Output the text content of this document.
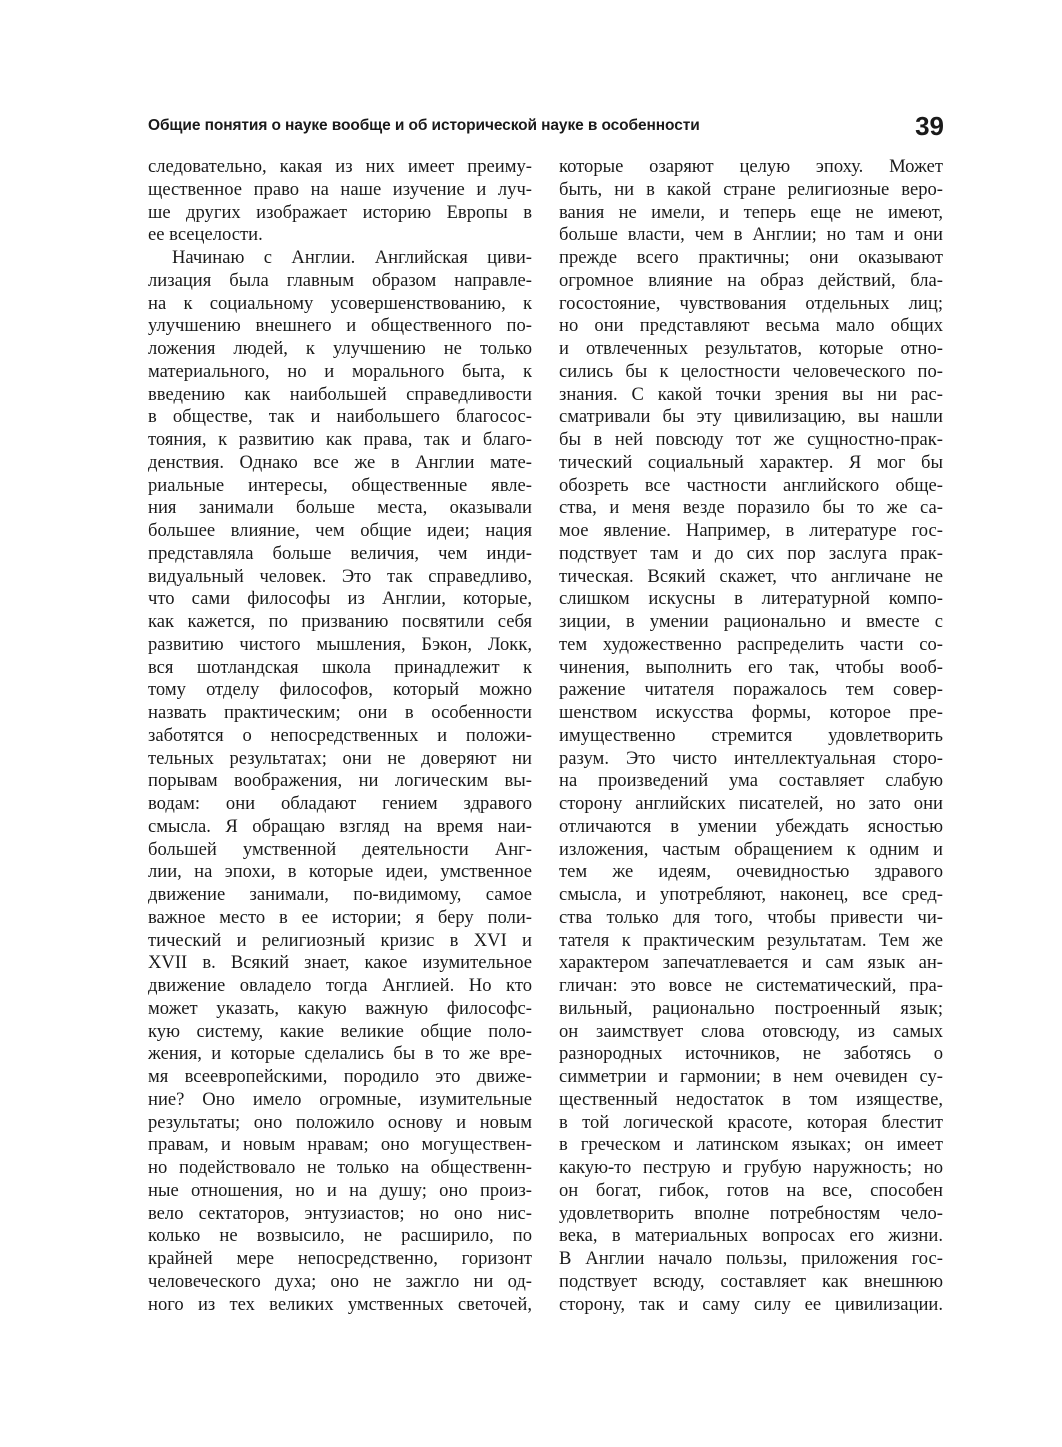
Общие понятия о науке вообще и об исторической науке в особенности	39
следовательно, какая из них имеет преиму-
щественное право на наше изучение и луч-
ше других изображает историю Европы в
ее всецелости.
Начинаю с Англии. Английская циви-
лизация была главным образом направле-
на к социальному усовершенствованию, к
улучшению внешнего и общественного по-
ложения людей, к улучшению не только
материального, но и морального быта, к
введению как наибольшей справедливости
в обществе, так и наибольшего благосос-
тояния, к развитию как права, так и благо-
денствия. Однако все же в Англии мате-
риальные интересы, общественные явле-
ния занимали больше места, оказывали
большее влияние, чем общие идеи; нация
представляла больше величия, чем инди-
видуальный человек. Это так справедливо,
что сами философы из Англии, которые,
как кажется, по призванию посвятили себя
развитию чистого мышления, Бэкон, Локк,
вся шотландская школа принадлежит к
тому отделу философов, который можно
назвать практическим; они в особенности
заботятся о непосредственных и положи-
тельных результатах; они не доверяют ни
порывам воображения, ни логическим вы-
водам: они обладают гением здравого
смысла. Я обращаю взгляд на время наи-
большей умственной деятельности Анг-
лии, на эпохи, в которые идеи, умственное
движение занимали, по-видимому, самое
важное место в ее истории; я беру поли-
тический и религиозный кризис в XVI и
XVII в. Всякий знает, какое изумительное
движение овладело тогда Англией. Но кто
может указать, какую важную философс-
кую систему, какие великие общие поло-
жения, и которые сделались бы в то же вре-
мя всеевропейскими, породило это движе-
ние? Оно имело огромные, изумительные
результаты; оно положило основу и новым
правам, и новым нравам; оно могуществен-
но подействовало не только на общественн-
ные отношения, но и на душу; оно произ-
вело сектаторов, энтузиастов; но оно нис-
колько не возвысило, не расширило, по
крайней мере непосредственно, горизонт
человеческого духа; оно не зажгло ни од-
ного из тех великих умственных светочей,
которые озаряют целую эпоху. Может
быть, ни в какой стране религиозные веро-
вания не имели, и теперь еще не имеют,
больше власти, чем в Англии; но там и они
прежде всего практичны; они оказывают
огромное влияние на образ действий, бла-
госостояние, чувствования отдельных лиц;
но они представляют весьма мало общих
и отвлеченных результатов, которые отно-
сились бы к целостности человеческого по-
знания. С какой точки зрения вы ни рас-
сматривали бы эту цивилизацию, вы нашли
бы в ней повсюду тот же сущностно-прак-
тический социальный характер. Я мог бы
обозреть все частности английского обще-
ства, и меня везде поразило бы то же са-
мое явление. Например, в литературе гос-
подствует там и до сих пор заслуга прак-
тическая. Всякий скажет, что англичане не
слишком искусны в литературной компо-
зиции, в умении рационально и вместе с
тем художественно распределить части со-
чинения, выполнить его так, чтобы вооб-
ражение читателя поражалось тем совер-
шенством искусства формы, которое пре-
имущественно стремится удовлетворить
разум. Это чисто интеллектуальная сторо-
на произведений ума составляет слабую
сторону английских писателей, но зато они
отличаются в умении убеждать ясностью
изложения, частым обращением к одним и
тем же идеям, очевидностью здравого
смысла, и употребляют, наконец, все сред-
ства только для того, чтобы привести чи-
тателя к практическим результатам. Тем же
характером запечатлевается и сам язык ан-
гличан: это вовсе не систематический, пра-
вильный, рационально построенный язык;
он заимствует слова отовсюду, из самых
разнородных источников, не заботясь о
симметрии и гармонии; в нем очевиден су-
щественный недостаток в том изяществе,
в той логической красоте, которая блестит
в греческом и латинском языках; он имеет
какую-то пеструю и грубую наружность; но
он богат, гибок, готов на все, способен
удовлетворить вполне потребностям чело-
века, в материальных вопросах его жизни.
В Англии начало пользы, приложения гос-
подствует всюду, составляет как внешнюю
сторону, так и саму силу ее цивилизации.
